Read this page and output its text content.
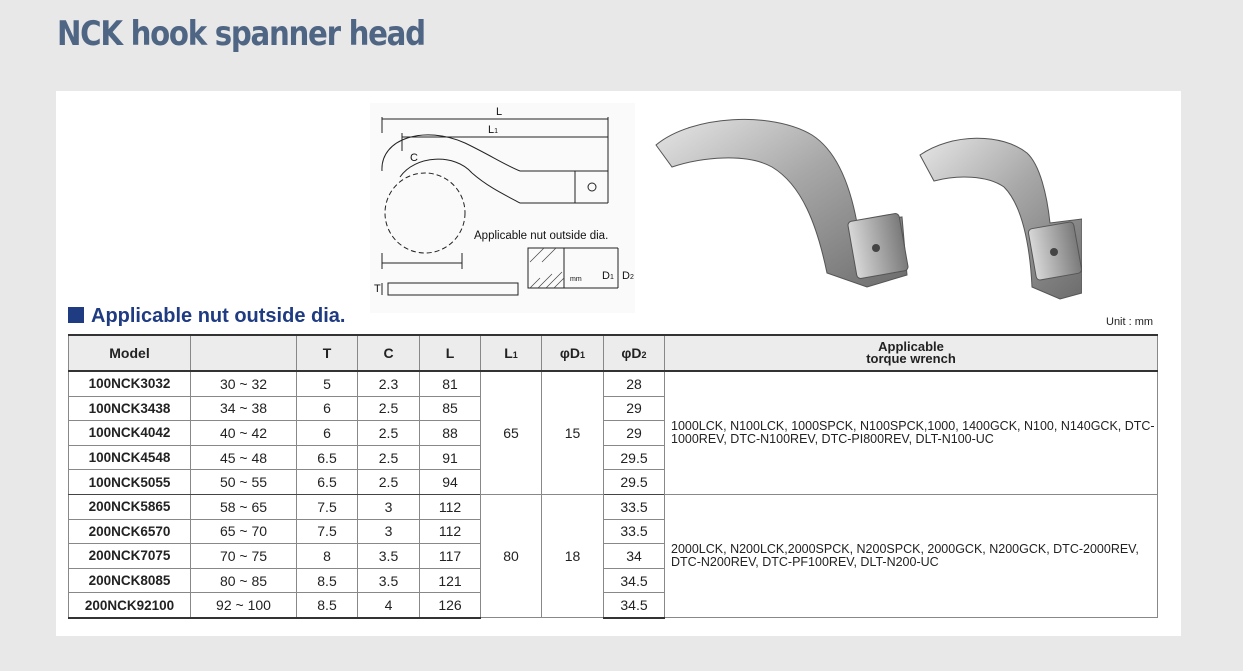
NCK hook spanner head
L
L1
C
T
D1 D2
mm
Applicable nut outside dia.
Applicable nut outside dia.	Unit : mm
Model		T	C	L	L1	φD1	φD2	Applicable
torque wrench
100NCK3032	30 ~ 32	5	2.3	81	65	15	28	1000LCK, N100LCK, 1000SPCK, N100SPCK,1000, 1400GCK, N100, N140GCK, DTC-1000REV, DTC-N100REV, DTC-PI800REV, DLT-N100-UC
100NCK3438	34 ~ 38	6	2.5	85			29	
100NCK4042	40 ~ 42	6	2.5	88			29	
100NCK4548	45 ~ 48	6.5	2.5	91			29.5	
100NCK5055	50 ~ 55	6.5	2.5	94			29.5	
200NCK5865	58 ~ 65	7.5	3	112	80	18	33.5	2000LCK, N200LCK,2000SPCK, N200SPCK, 2000GCK, N200GCK, DTC-2000REV, DTC-N200REV, DTC-PF100REV, DLT-N200-UC
200NCK6570	65 ~ 70	7.5	3	112			33.5	
200NCK7075	70 ~ 75	8	3.5	117			34	
200NCK8085	80 ~ 85	8.5	3.5	121			34.5	
200NCK92100	92 ~ 100	8.5	4	126			34.5	
